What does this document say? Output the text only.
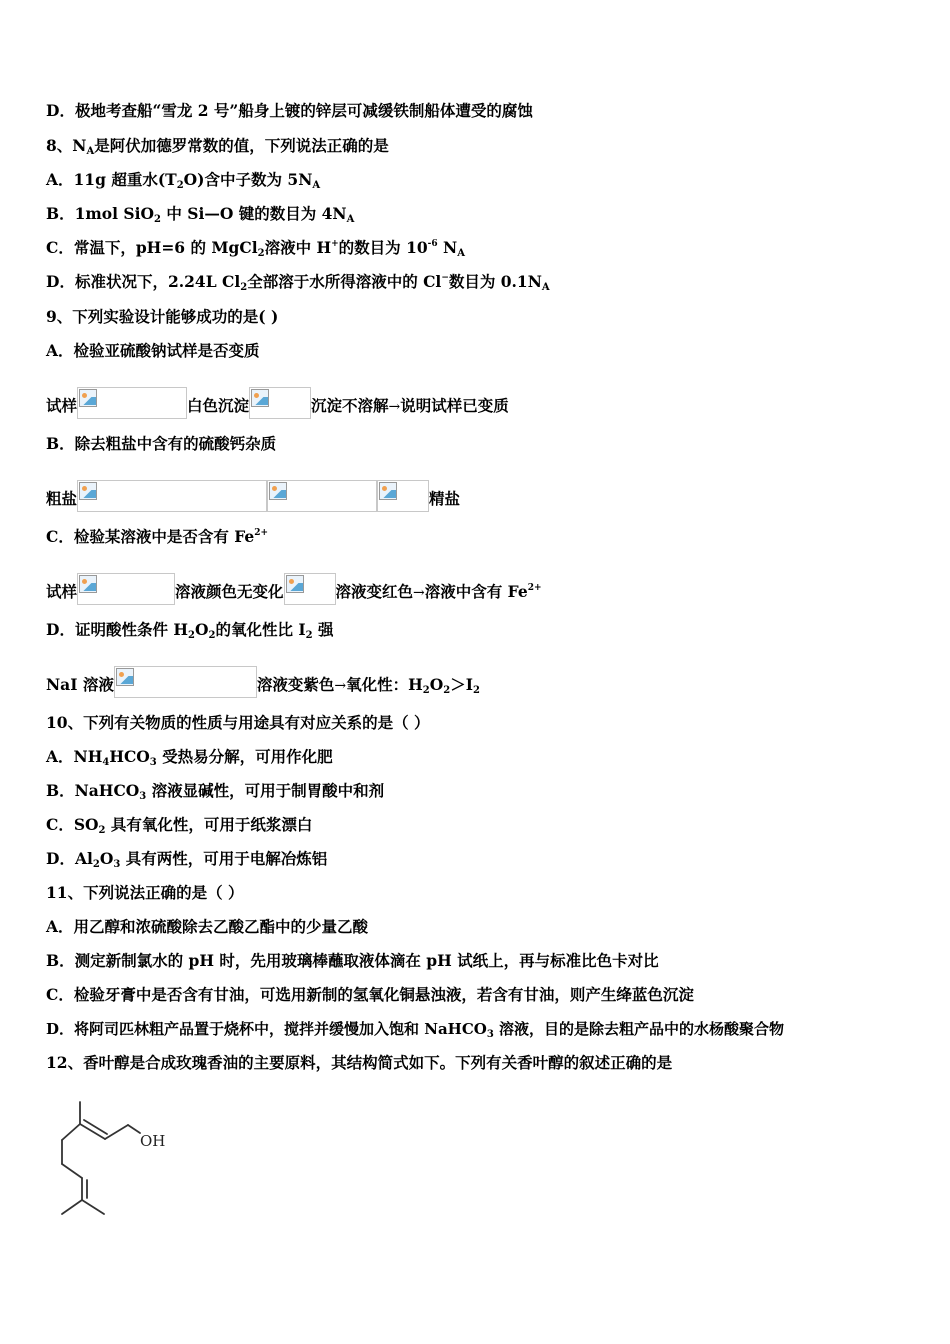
D．极地考查船“雪龙 2 号”船身上镀的锌层可减缓铁制船体遭受的腐蚀
8、$N_A$是阿伏加德罗常数的值，下列说法正确的是
A．11g 超重水$(T_2O)$含中子数为 $5N_A$
B．1mol SiO$_2$ 中 Si—O 键的数目为 $4N_A$
C．常温下，pH=6 的 MgCl$_2$溶液中 H+的数目为 $10^{-6}$ $N_A$
D．标准状况下，2.24L $Cl_2$全部溶于水所得溶液中的 Cl−数目为 $0.1N_A$
9、下列实验设计能够成功的是( )
A．检验亚硫酸钠试样是否变质
试样	白色沉淀	沉淀不溶解→说明试样已变质
B．除去粗盐中含有的硫酸钙杂质
粗盐	精盐
C．检验某溶液中是否含有 $Fe^{2+}$
试样	溶液颜色无变化	溶液变红色→溶液中含有 $Fe^{2+}$
D．证明酸性条件 $H_2O_2$的氧化性比 $I_2$ 强
NaI 溶液	溶液变紫色→氧化性：$H_2O_2>I_2$
10、下列有关物质的性质与用途具有对应关系的是（ ）
A．$NH_4HCO_3$ 受热易分解，可用作化肥
B．NaHCO$_3$ 溶液显碱性，可用于制胃酸中和剂
C．$SO_2$ 具有氧化性，可用于纸浆漂白
D．$Al_2O_3$ 具有两性，可用于电解冶炼铝
11、下列说法正确的是（ ）
A．用乙醇和浓硫酸除去乙酸乙酯中的少量乙酸
B．测定新制氯水的 pH 时，先用玻璃棒蘸取液体滴在 pH 试纸上，再与标准比色卡对比
C．检验牙膏中是否含有甘油，可选用新制的氢氧化铜悬浊液，若含有甘油，则产生绛蓝色沉淀
D．将阿司匹林粗产品置于烧杯中，搅拌并缓慢加入饱和 NaHCO$_3$ 溶液，目的是除去粗产品中的水杨酸聚合物
12、香叶醇是合成玫瑰香油的主要原料，其结构简式如下。下列有关香叶醇的叙述正确的是
OH
